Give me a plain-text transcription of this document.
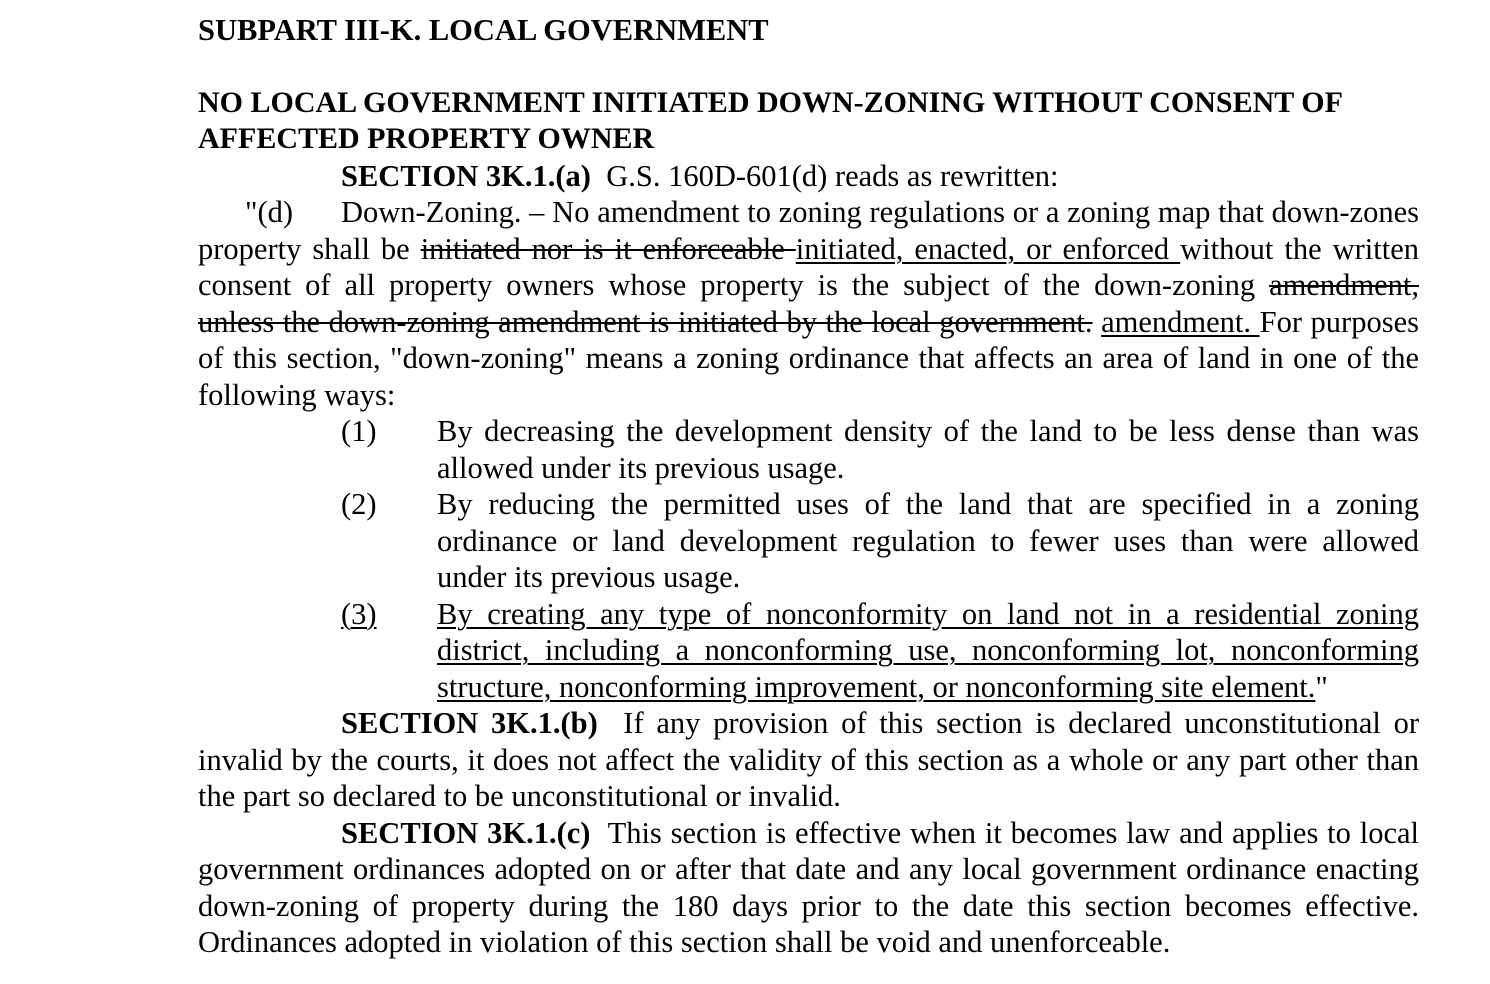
SUBPART III-K. LOCAL GOVERNMENT

NO LOCAL GOVERNMENT INITIATED DOWN-ZONING WITHOUT CONSENT OF AFFECTED PROPERTY OWNER

SECTION 3K.1.(a) G.S. 160D-601(d) reads as rewritten:

"(d) Down-Zoning. – No amendment to zoning regulations or a zoning map that down-zones property shall be initiated nor is it enforceable initiated, enacted, or enforced without the written consent of all property owners whose property is the subject of the down-zoning amendment, unless the down-zoning amendment is initiated by the local government. amendment. For purposes of this section, "down-zoning" means a zoning ordinance that affects an area of land in one of the following ways:

(1)	By decreasing the development density of the land to be less dense than was allowed under its previous usage.
(2)	By reducing the permitted uses of the land that are specified in a zoning ordinance or land development regulation to fewer uses than were allowed under its previous usage.
(3)	By creating any type of nonconformity on land not in a residential zoning district, including a nonconforming use, nonconforming lot, nonconforming structure, nonconforming improvement, or nonconforming site element."

SECTION 3K.1.(b) If any provision of this section is declared unconstitutional or invalid by the courts, it does not affect the validity of this section as a whole or any part other than the part so declared to be unconstitutional or invalid.

SECTION 3K.1.(c) This section is effective when it becomes law and applies to local government ordinances adopted on or after that date and any local government ordinance enacting down-zoning of property during the 180 days prior to the date this section becomes effective. Ordinances adopted in violation of this section shall be void and unenforceable.
